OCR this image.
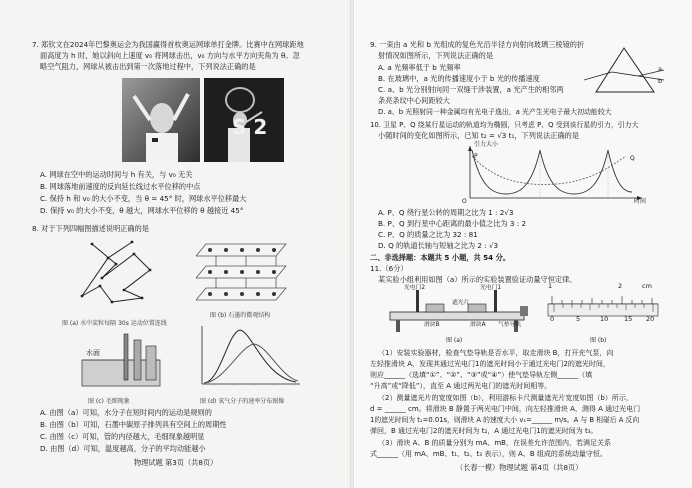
7. 郑钦文在2024年巴黎奥运会为我国赢得首枚奥运网球单打金牌。比赛中在网球距地
面高度为 h 时，她以斜向上速度 v₀ 将网球击出，v₀ 方向与水平方向夹角为 θ。忽
略空气阻力，网球从被击出到第一次落地过程中，下列说法正确的是
S 2
A. 网球在空中的运动时间与 h 有关，与 v₀ 无关
B. 网球落地前速度的反向延长线过水平位移的中点
C. 保持 h 和 v₀ 的大小不变，当 θ = 45° 时，网球水平位移最大
D. 保持 v₀ 的大小不变，θ 越大，网球水平位移的 θ 越接近 45°
8. 对于下列四幅图描述说明正确的是
图 (a) 水中炭粒每隔 30s 运动位置连线
图 (b) 石墨的微观结构
水面
图 (c) 毛细现象	图 (d) 氧气分子的速率分布图像
A. 由图（a）可知，水分子在短时间内的运动是规则的
B. 由图（b）可知，石墨中碳原子排列具有空间上的周期性
C. 由图（c）可知，管的内径越大，毛细现象越明显
D. 由图（d）可知，温度越高，分子的平均动能越小
物理试题 第3页（共8页）
9. 一束由 a 光和 b 光组成的复色光沿半径方向射向玻璃三棱镜的折
射情况如图所示，下列说法正确的是
a
b
A. a 光频率低于 b 光频率
B. 在玻璃中，a 光的传播速度小于 b 光的传播速度
C. a、b 光分别射向同一双缝干涉装置，a 光产生的相邻两
条亮条纹中心间距较大
D. a、b 光照射同一种金属均有光电子逸出，a 光产生光电子最大初动能较大
10. 卫星 P、Q 绕某行星运动的轨道均为椭圆，只考虑 P、Q 受到该行星的引力，引力大
小随时间的变化如图所示，已知 t₂ = √3 t₁，下列说法正确的是
引力大小
时间
P	Q
O
A. P、Q 绕行星公转的周期之比为 1 : 2√3
B. P、Q 到行星中心距离的最小值之比为 3 : 2
C. P、Q 的质量之比为 32 : 81
D. Q 的轨道长轴与短轴之比为 2 : √3
二、非选择题：本题共 5 小题，共 54 分。
11.（6分）
某实验小组利用如图（a）所示的实验装置验证动量守恒定律。
光电门2	光电门1
滑块B	滑块A
遮光片
气垫导轨
图 (a)
1	2	cm
0	5	10 15 20
图 (b)
（1）安装实验器材，检查气垫导轨是否水平，取走滑块 B，打开充气泵，向
左轻推滑块 A，发现其通过光电门1的遮光时间小于通过光电门2的遮光时间，
则应______（选填“①”、“②”、“③”或“④”）使气垫导轨左侧______（填
“升高”或“降低”），直至 A 通过两光电门的遮光时间相等。
（2）测量遮光片的宽度如图（b），利用游标卡尺测量遮光片宽度如图（b）所示，
d = ______ cm。将滑块 B 静置于两光电门中间，向左轻推滑块 A，测得 A 通过光电门
1的遮光时间为 t₁=0.01s，则滑块 A 的速度大小 v₁=______ m/s。A 与 B 相碰后 A 反向
弹回，B 通过光电门2的遮光时间为 t₂，A 通过光电门1的遮光时间为 t₃。
（3）滑块 A、B 的质量分别为 mA、mB，在误差允许范围内，若满足关系
式______（用 mA、mB、t₁、t₂、t₃ 表示），则 A、B 组成的系统动量守恒。
（长春一模）物理试题 第4页（共8页）
